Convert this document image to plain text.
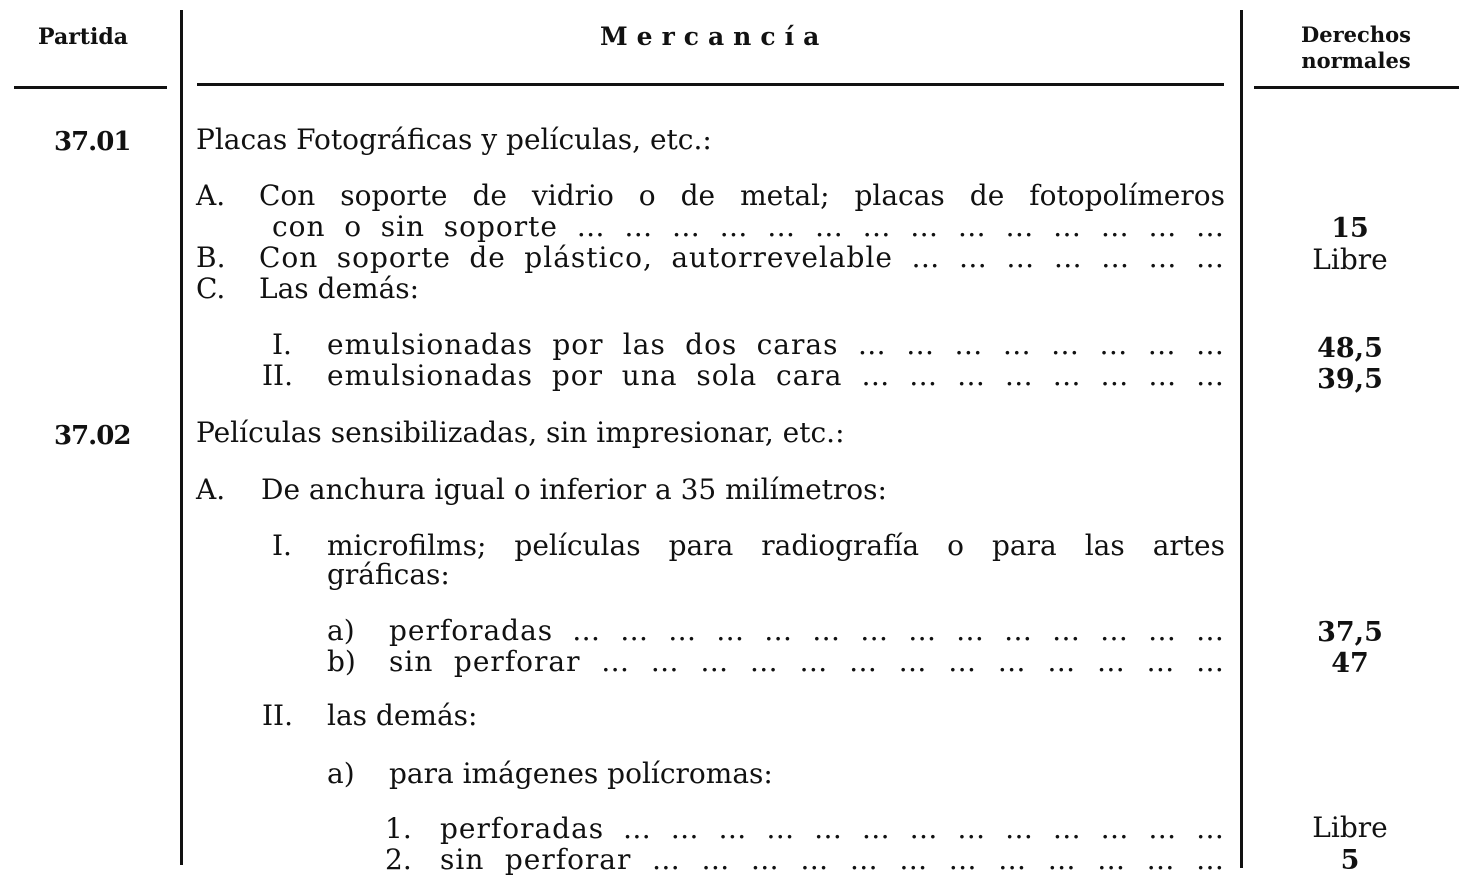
Partida	Mercancía	Derechos
normales
37.01 Placas Fotográficas y películas, etc.:
A. Con soporte de vidrio o de metal; placas de fotopolímeros
con o sin soporte … … … … … … … … … … … … … …	15
B. Con soporte de plástico, autorrevelable … … … … … … …	Libre
C. Las demás:
I. emulsionadas por las dos caras … … … … … … … …	48,5
II. emulsionadas por una sola cara … … … … … … … …	39,5
37.02 Películas sensibilizadas, sin impresionar, etc.:
A. De anchura igual o inferior a 35 milímetros:
I. microfilms; películas para radiografía o para las artes
gráficas:
a) perforadas … … … … … … … … … … … … … …	37,5
b) sin perforar … … … … … … … … … … … … …	47
II. las demás:
a) para imágenes polícromas:
1. perforadas … … … … … … … … … … … … …	Libre
2. sin perforar … … … … … … … … … … … …	5
